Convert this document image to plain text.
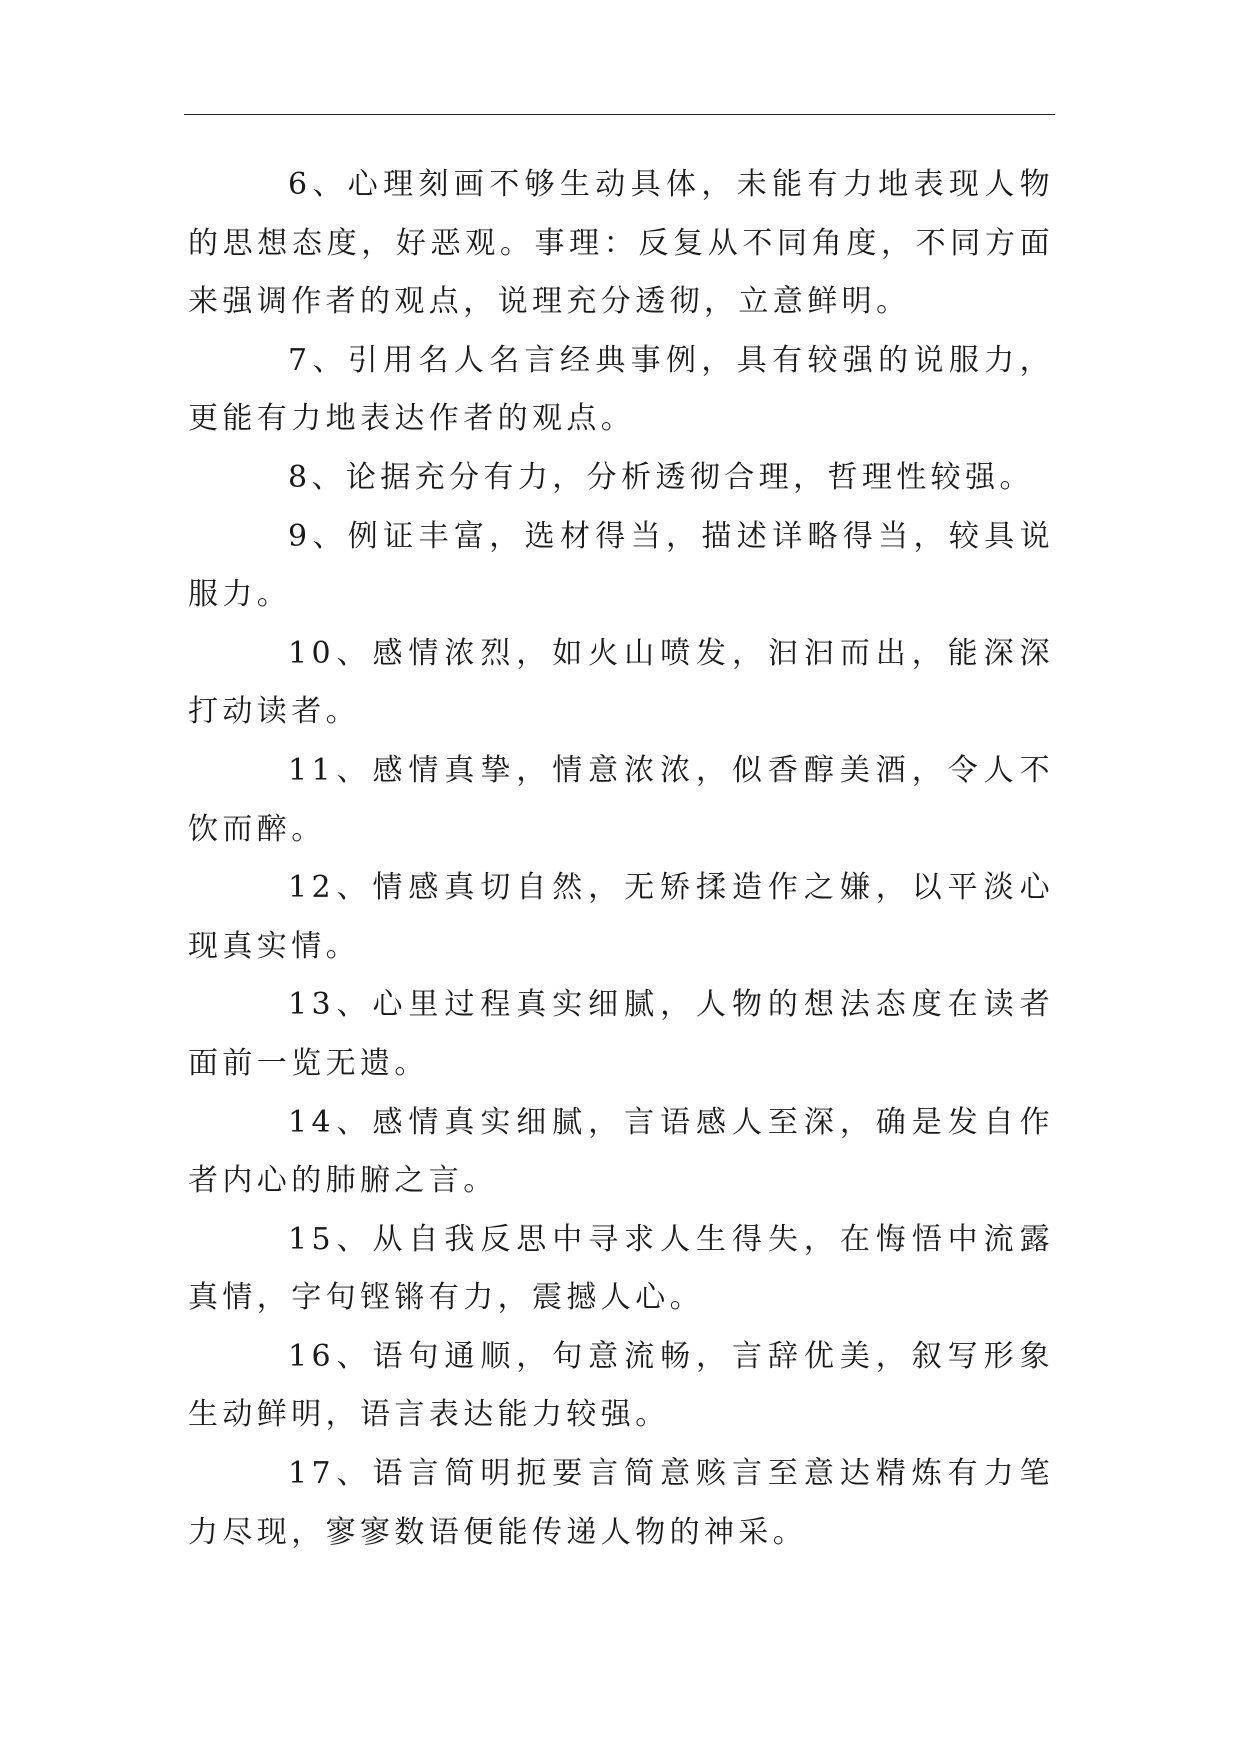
6、心理刻画不够生动具体，未能有力地表现人物的思想态度，好恶观。事理：反复从不同角度，不同方面来强调作者的观点，说理充分透彻，立意鲜明。

7、引用名人名言经典事例，具有较强的说服力，更能有力地表达作者的观点。

8、论据充分有力，分析透彻合理，哲理性较强。

9、例证丰富，选材得当，描述详略得当，较具说服力。

10、感情浓烈，如火山喷发，汩汩而出，能深深打动读者。

11、感情真挚，情意浓浓，似香醇美酒，令人不饮而醉。

12、情感真切自然，无矫揉造作之嫌，以平淡心现真实情。

13、心里过程真实细腻，人物的想法态度在读者面前一览无遗。

14、感情真实细腻，言语感人至深，确是发自作者内心的肺腑之言。

15、从自我反思中寻求人生得失，在悔悟中流露真情，字句铿锵有力，震撼人心。

16、语句通顺，句意流畅，言辞优美，叙写形象生动鲜明，语言表达能力较强。

17、语言简明扼要言简意赅言至意达精炼有力笔力尽现，寥寥数语便能传递人物的神采。
